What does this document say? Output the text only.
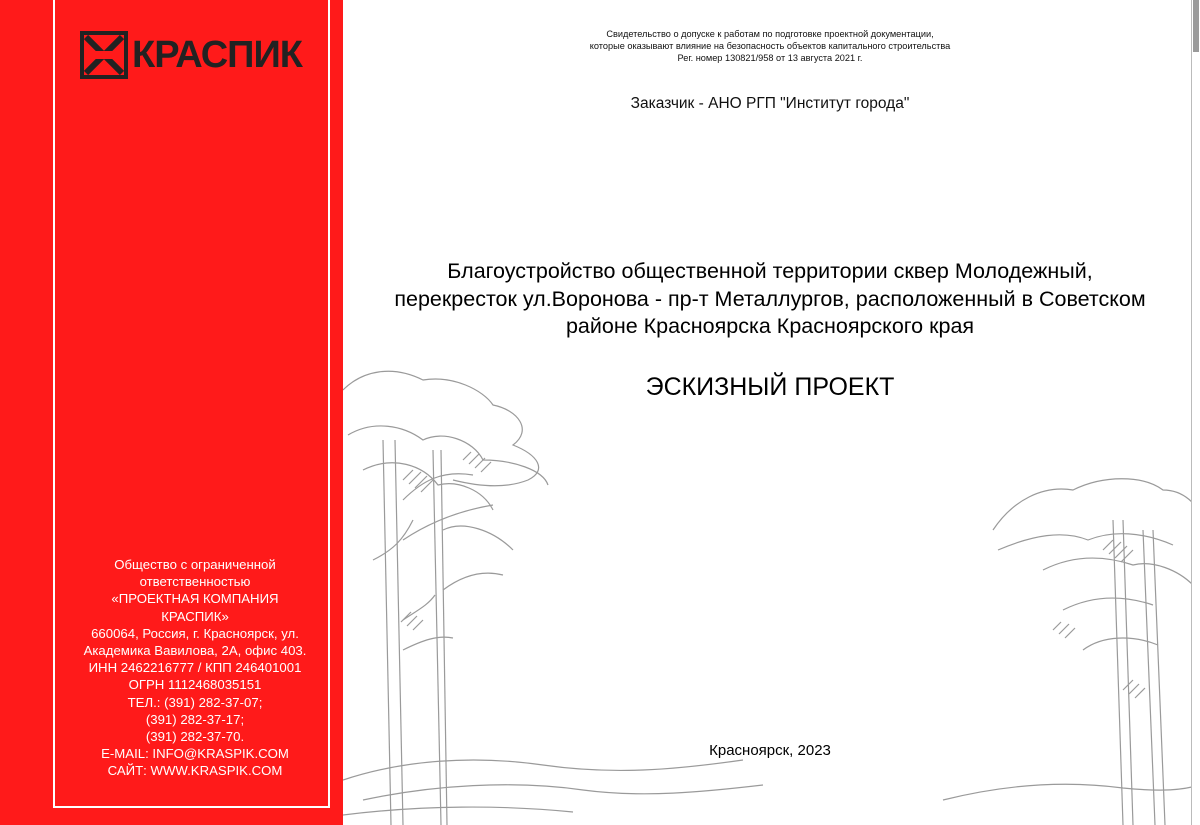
КРАСПИК
Общество с ограниченной
ответственностью
«ПРОЕКТНАЯ КОМПАНИЯ
КРАСПИК»
660064, Россия, г. Красноярск, ул.
Академика Вавилова, 2А, офис 403.
ИНН 2462216777 / КПП 246401001
ОГРН 1112468035151
ТЕЛ.: (391) 282-37-07;
(391) 282-37-17;
(391) 282-37-70.
E-MAIL: INFO@KRASPIK.COM
САЙТ: WWW.KRASPIK.COM
Свидетельство о допуске к работам по подготовке проектной документации,
которые оказывают влияние на безопасность объектов капитального строительства
Рег. номер 130821/958 от 13 августа 2021 г.
Заказчик - АНО РГП "Институт города"
Благоустройство общественной территории сквер Молодежный,
перекресток ул.Воронова - пр-т Металлургов, расположенный в Советском
районе Красноярска Красноярского края
ЭСКИЗНЫЙ ПРОЕКТ
Красноярск, 2023
